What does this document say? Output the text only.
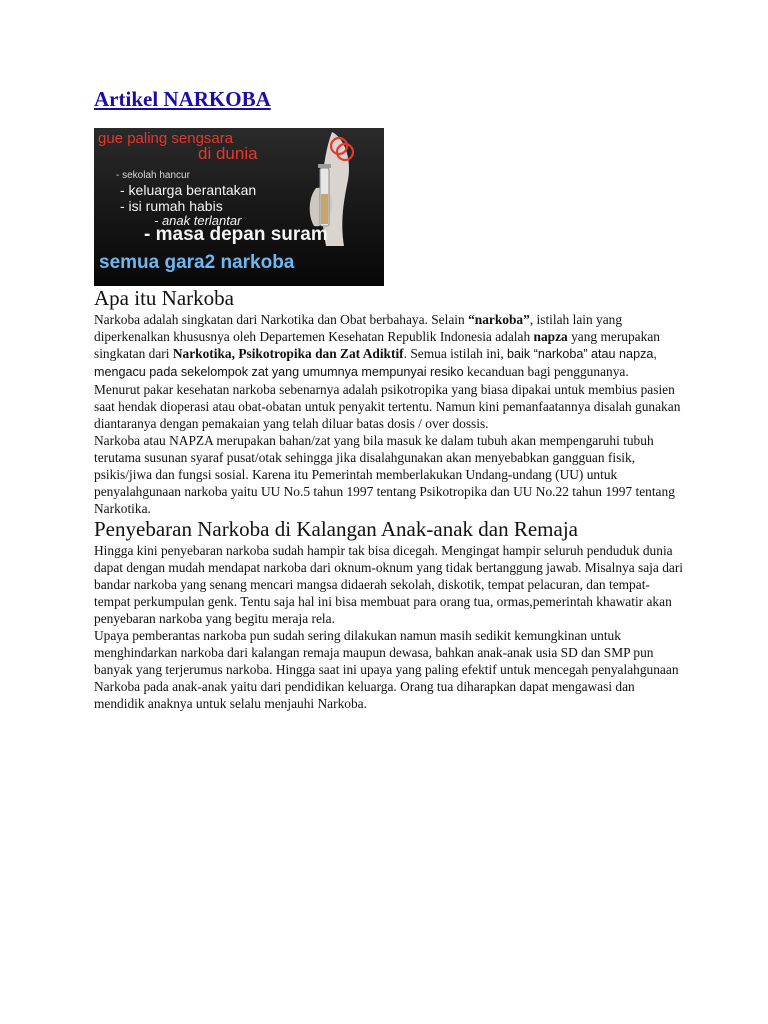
Artikel NARKOBA
gue paling sengsara
di dunia
- sekolah hancur
- keluarga berantakan
- isi rumah habis
- anak terlantar
- masa depan suram
semua gara2 narkoba
Apa itu Narkoba

Narkoba adalah singkatan dari Narkotika dan Obat berbahaya. Selain “narkoba”, istilah lain yang diperkenalkan khususnya oleh Departemen Kesehatan Republik Indonesia adalah napza yang merupakan singkatan dari Narkotika, Psikotropika dan Zat Adiktif. Semua istilah ini, baik “narkoba” atau napza, mengacu pada sekelompok zat yang umumnya mempunyai resiko kecanduan bagi penggunanya.

Menurut pakar kesehatan narkoba sebenarnya adalah psikotropika yang biasa dipakai untuk membius pasien saat hendak dioperasi atau obat-obatan untuk penyakit tertentu. Namun kini pemanfaatannya disalah gunakan diantaranya dengan pemakaian yang telah diluar batas dosis / over dossis.

Narkoba atau NAPZA merupakan bahan/zat yang bila masuk ke dalam tubuh akan mempengaruhi tubuh terutama susunan syaraf pusat/otak sehingga jika disalahgunakan akan menyebabkan gangguan fisik, psikis/jiwa dan fungsi sosial. Karena itu Pemerintah memberlakukan Undang-undang (UU) untuk penyalahgunaan narkoba yaitu UU No.5 tahun 1997 tentang Psikotropika dan UU No.22 tahun 1997 tentang Narkotika.

Penyebaran Narkoba di Kalangan Anak-anak dan Remaja

Hingga kini penyebaran narkoba sudah hampir tak bisa dicegah. Mengingat hampir seluruh penduduk dunia dapat dengan mudah mendapat narkoba dari oknum-oknum yang tidak bertanggung jawab. Misalnya saja dari bandar narkoba yang senang mencari mangsa didaerah sekolah, diskotik, tempat pelacuran, dan tempat-tempat perkumpulan genk. Tentu saja hal ini bisa membuat para orang tua, ormas,pemerintah khawatir akan penyebaran narkoba yang begitu meraja rela.

Upaya pemberantas narkoba pun sudah sering dilakukan namun masih sedikit kemungkinan untuk menghindarkan narkoba dari kalangan remaja maupun dewasa, bahkan anak-anak usia SD dan SMP pun banyak yang terjerumus narkoba. Hingga saat ini upaya yang paling efektif untuk mencegah penyalahgunaan Narkoba pada anak-anak yaitu dari pendidikan keluarga. Orang tua diharapkan dapat mengawasi dan mendidik anaknya untuk selalu menjauhi Narkoba.
